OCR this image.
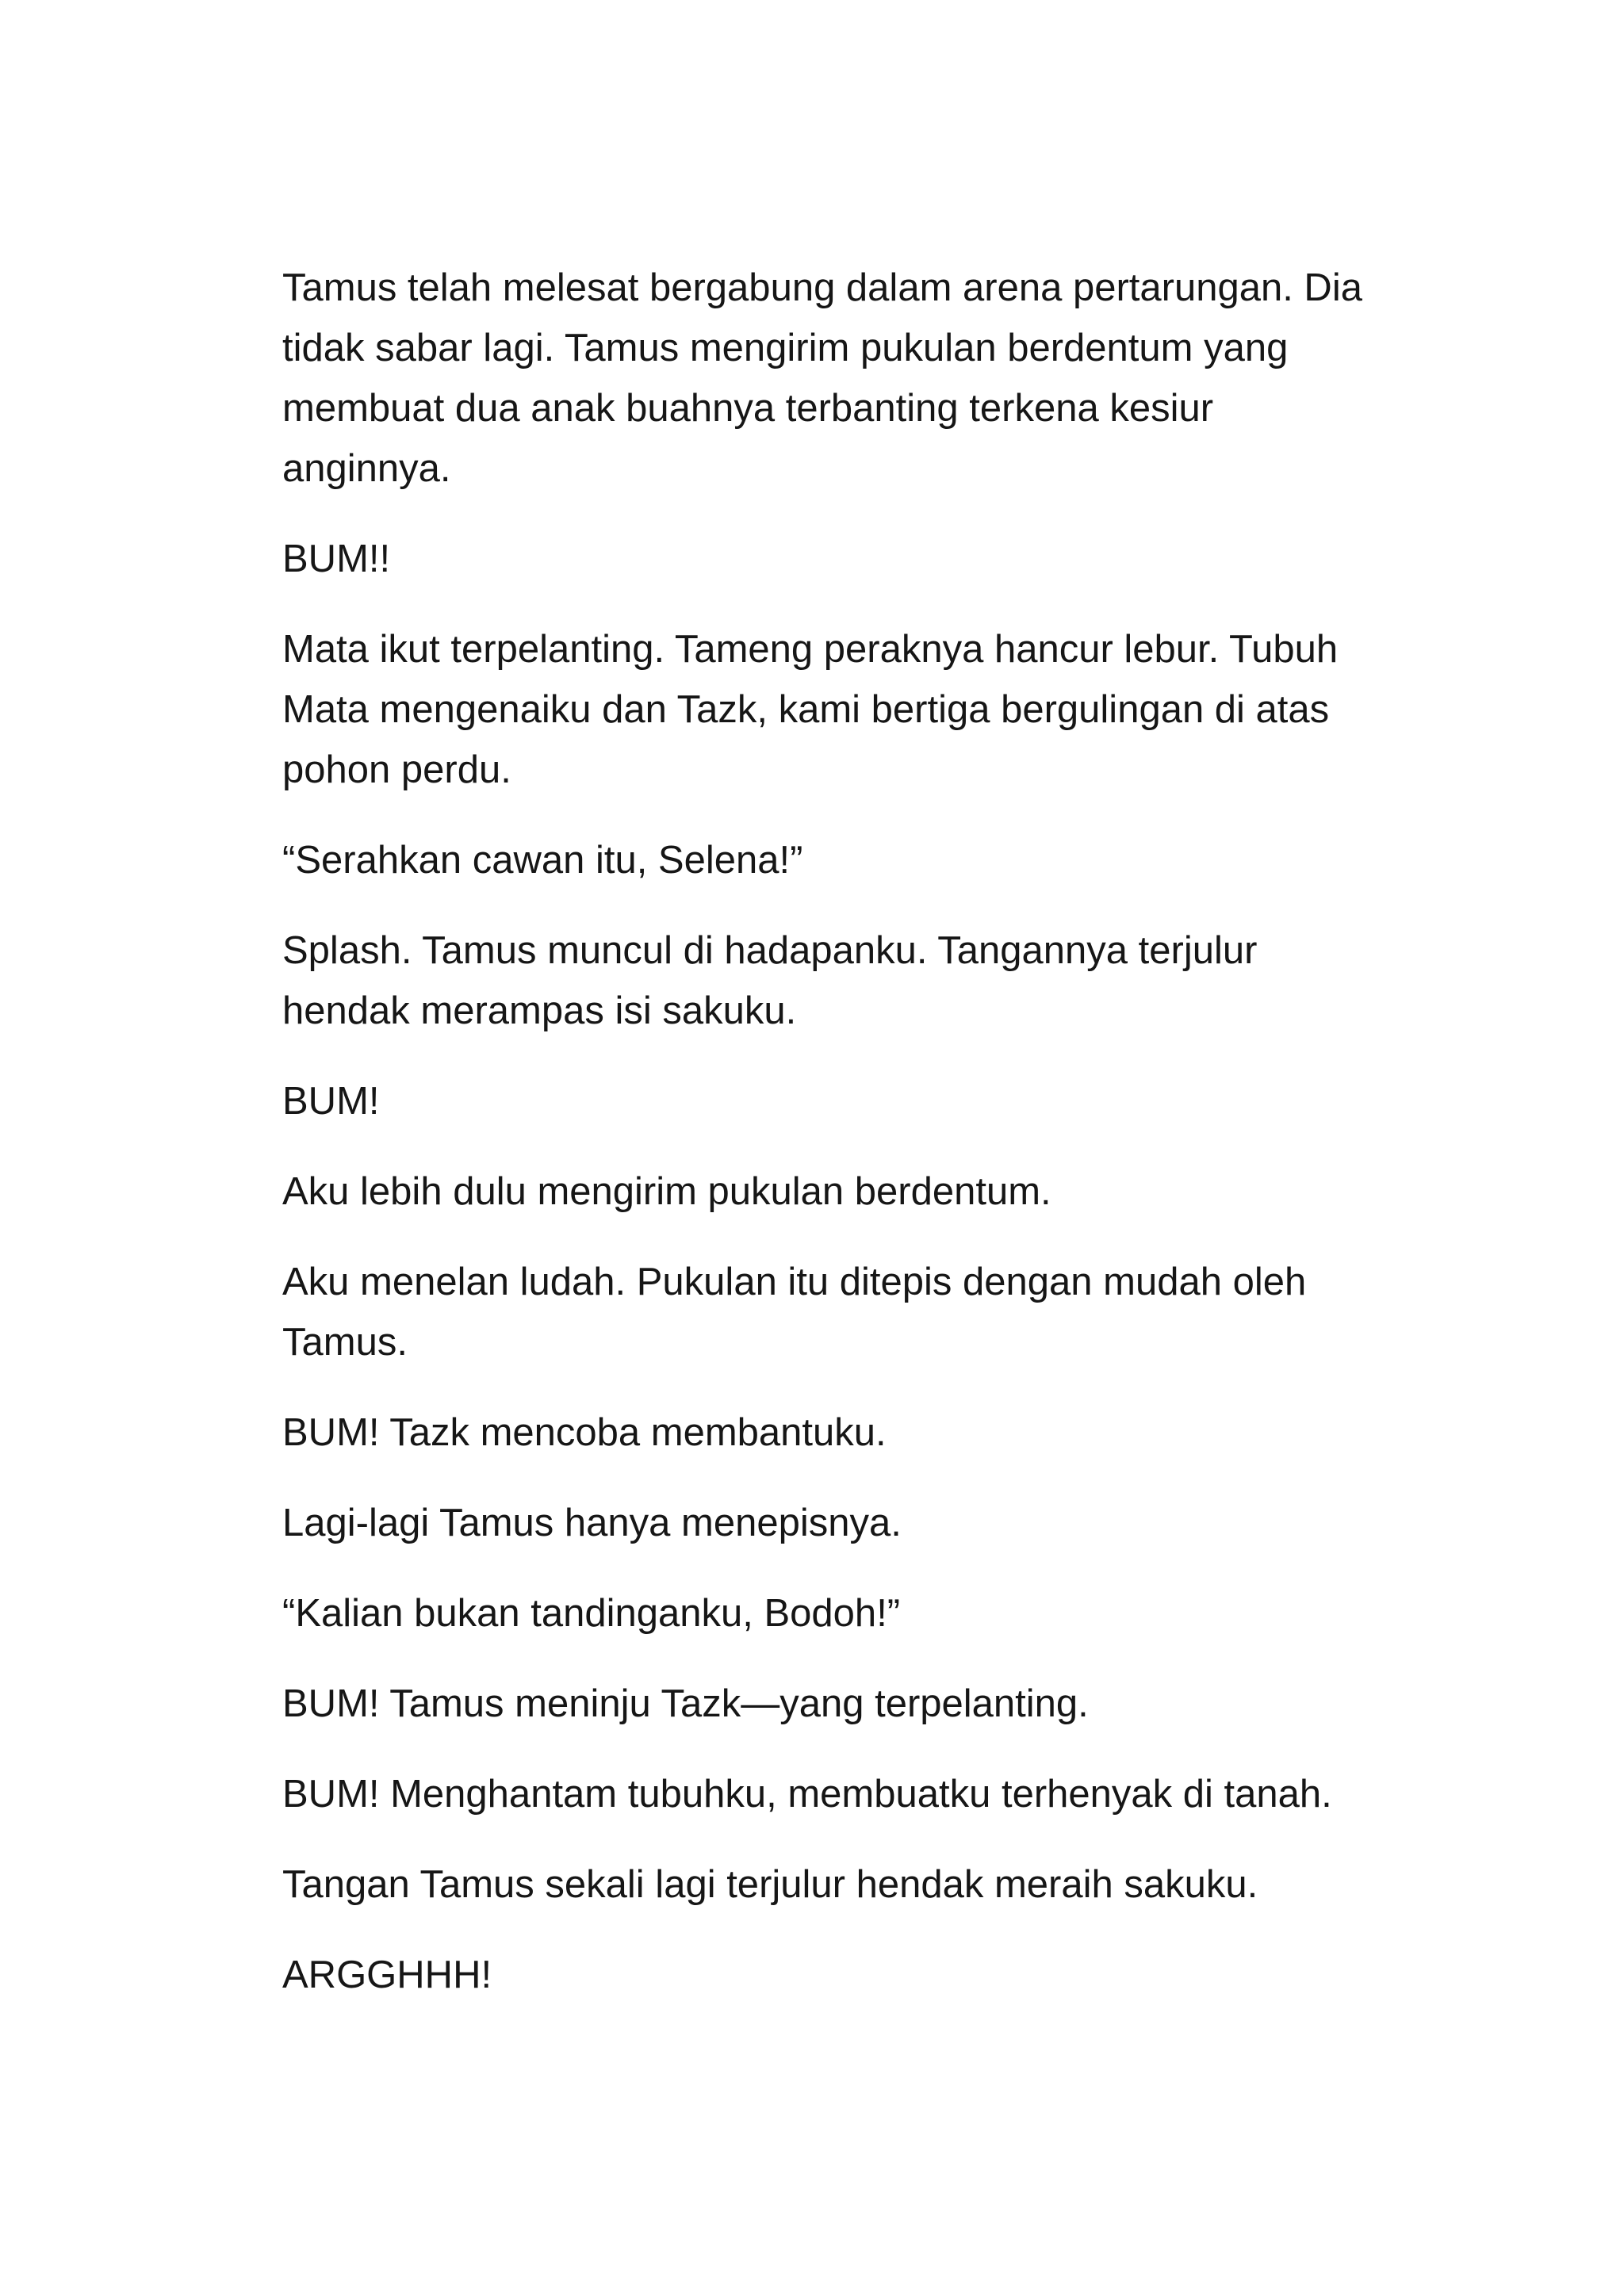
Tamus telah melesat bergabung dalam arena pertarungan. Dia tidak sabar lagi. Tamus mengirim pukulan berdentum yang membuat dua anak buahnya terbanting terkena kesiur anginnya.

BUM!!

Mata ikut terpelanting. Tameng peraknya hancur lebur. Tubuh Mata mengenaiku dan Tazk, kami bertiga bergulingan di atas pohon perdu.

“Serahkan cawan itu, Selena!”

Splash. Tamus muncul di hadapanku. Tangannya terjulur hendak merampas isi sakuku.

BUM!

Aku lebih dulu mengirim pukulan berdentum.

Aku menelan ludah. Pukulan itu ditepis dengan mudah oleh Tamus.

BUM! Tazk mencoba membantuku.

Lagi-lagi Tamus hanya menepisnya.

“Kalian bukan tandinganku, Bodoh!”

BUM! Tamus meninju Tazk—yang terpelanting.

BUM! Menghantam tubuhku, membuatku terhenyak di tanah.

Tangan Tamus sekali lagi terjulur hendak meraih sakuku.

ARGGHHH!
